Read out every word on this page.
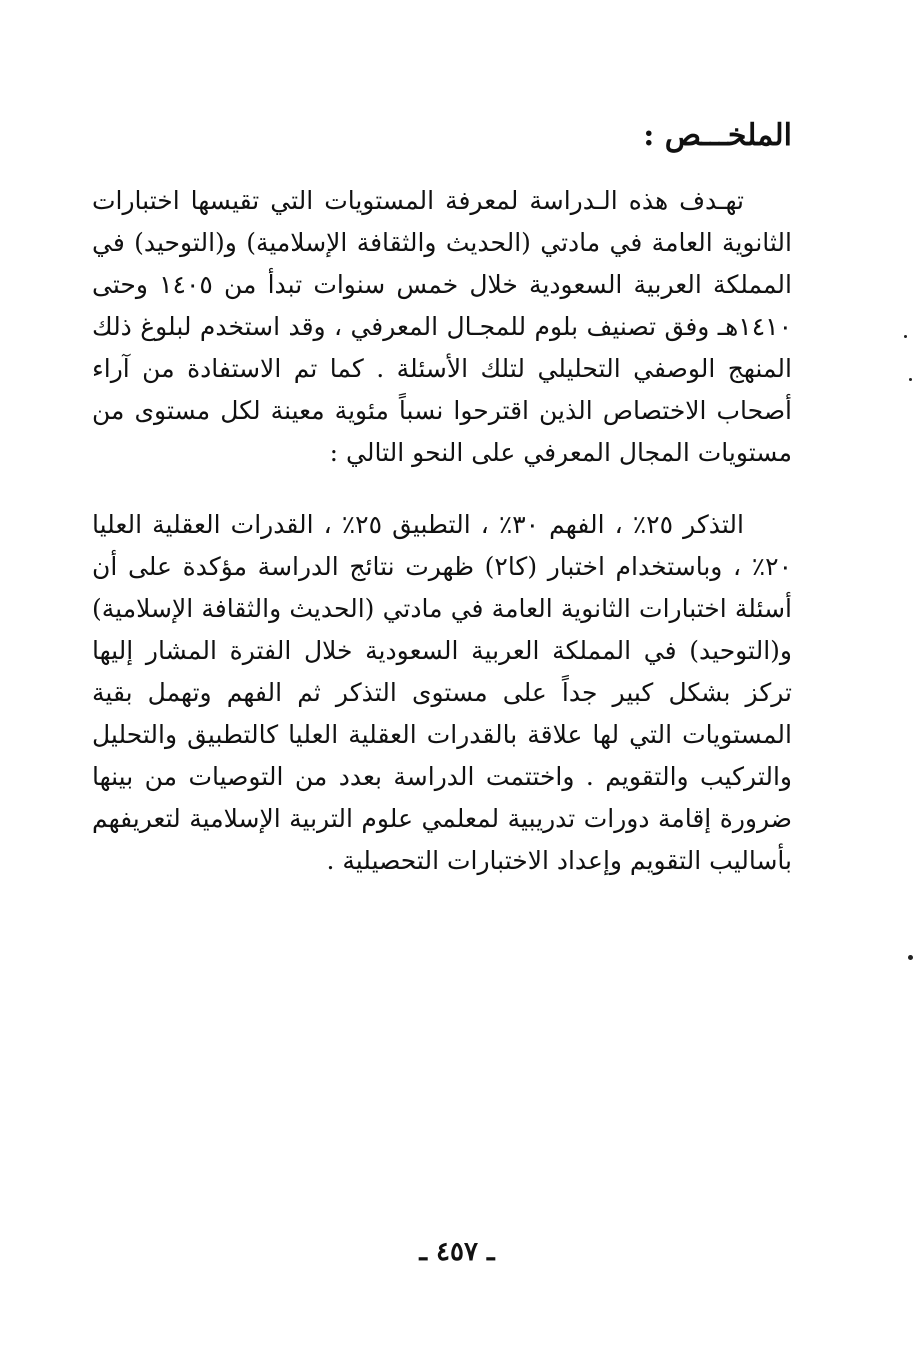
الملخـــص :

تهـدف هذه الـدراسة لمعرفة المستويات التي تقيسها اختبارات الثانوية العامة في مادتي (الحديث والثقافة الإسلامية) و(التوحيد) في المملكة العربية السعودية خلال خمس سنوات تبدأ من ١٤٠٥ وحتى ١٤١٠هـ وفق تصنيف بلوم للمجـال المعرفي ، وقد استخدم لبلوغ ذلك المنهج الوصفي التحليلي لتلك الأسئلة . كما تم الاستفادة من آراء أصحاب الاختصاص الذين اقترحوا نسباً مئوية معينة لكل مستوى من مستويات المجال المعرفي على النحو التالي :

التذكر ٢٥٪ ، الفهم ٣٠٪ ، التطبيق ٢٥٪ ، القدرات العقلية العليا ٢٠٪ ، وباستخدام اختبار (كا٢) ظهرت نتائج الدراسة مؤكدة على أن أسئلة اختبارات الثانوية العامة في مادتي (الحديث والثقافة الإسلامية) و(التوحيد) في المملكة العربية السعودية خلال الفترة المشار إليها تركز بشكل كبير جداً على مستوى التذكر ثم الفهم وتهمل بقية المستويات التي لها علاقة بالقدرات العقلية العليا كالتطبيق والتحليل والتركيب والتقويم . واختتمت الدراسة بعدد من التوصيات من بينها ضرورة إقامة دورات تدريبية لمعلمي علوم التربية الإسلامية لتعريفهم بأساليب التقويم وإعداد الاختبارات التحصيلية .

ـ ٤٥٧ ـ
